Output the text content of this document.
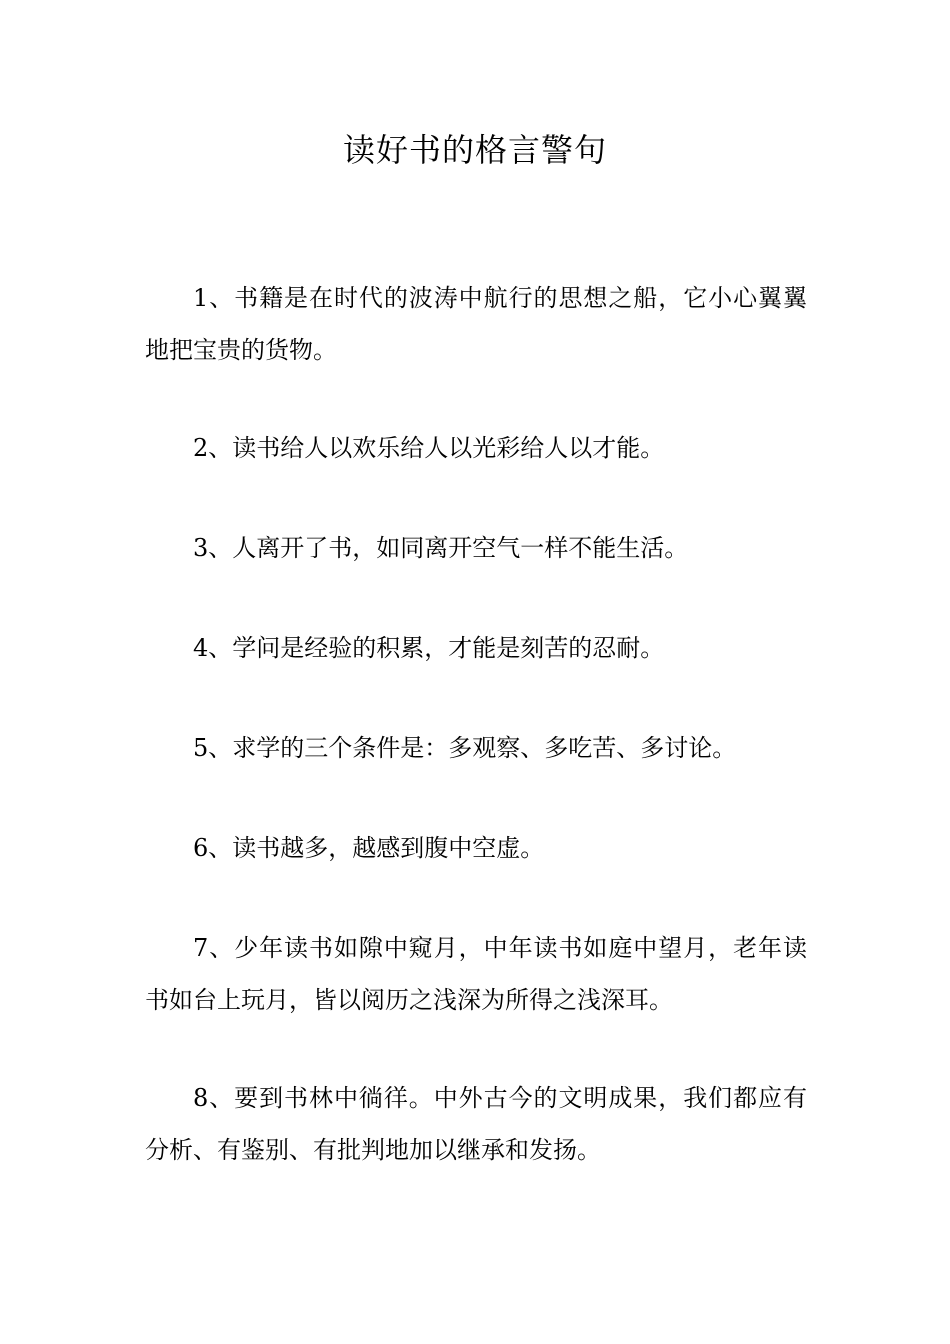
读好书的格言警句
1、书籍是在时代的波涛中航行的思想之船，它小心翼翼地把宝贵的货物。
2、读书给人以欢乐给人以光彩给人以才能。
3、人离开了书，如同离开空气一样不能生活。
4、学问是经验的积累，才能是刻苦的忍耐。
5、求学的三个条件是：多观察、多吃苦、多讨论。
6、读书越多，越感到腹中空虚。
7、少年读书如隙中窥月，中年读书如庭中望月，老年读书如台上玩月，皆以阅历之浅深为所得之浅深耳。
8、要到书林中徜徉。中外古今的文明成果，我们都应有分析、有鉴别、有批判地加以继承和发扬。
